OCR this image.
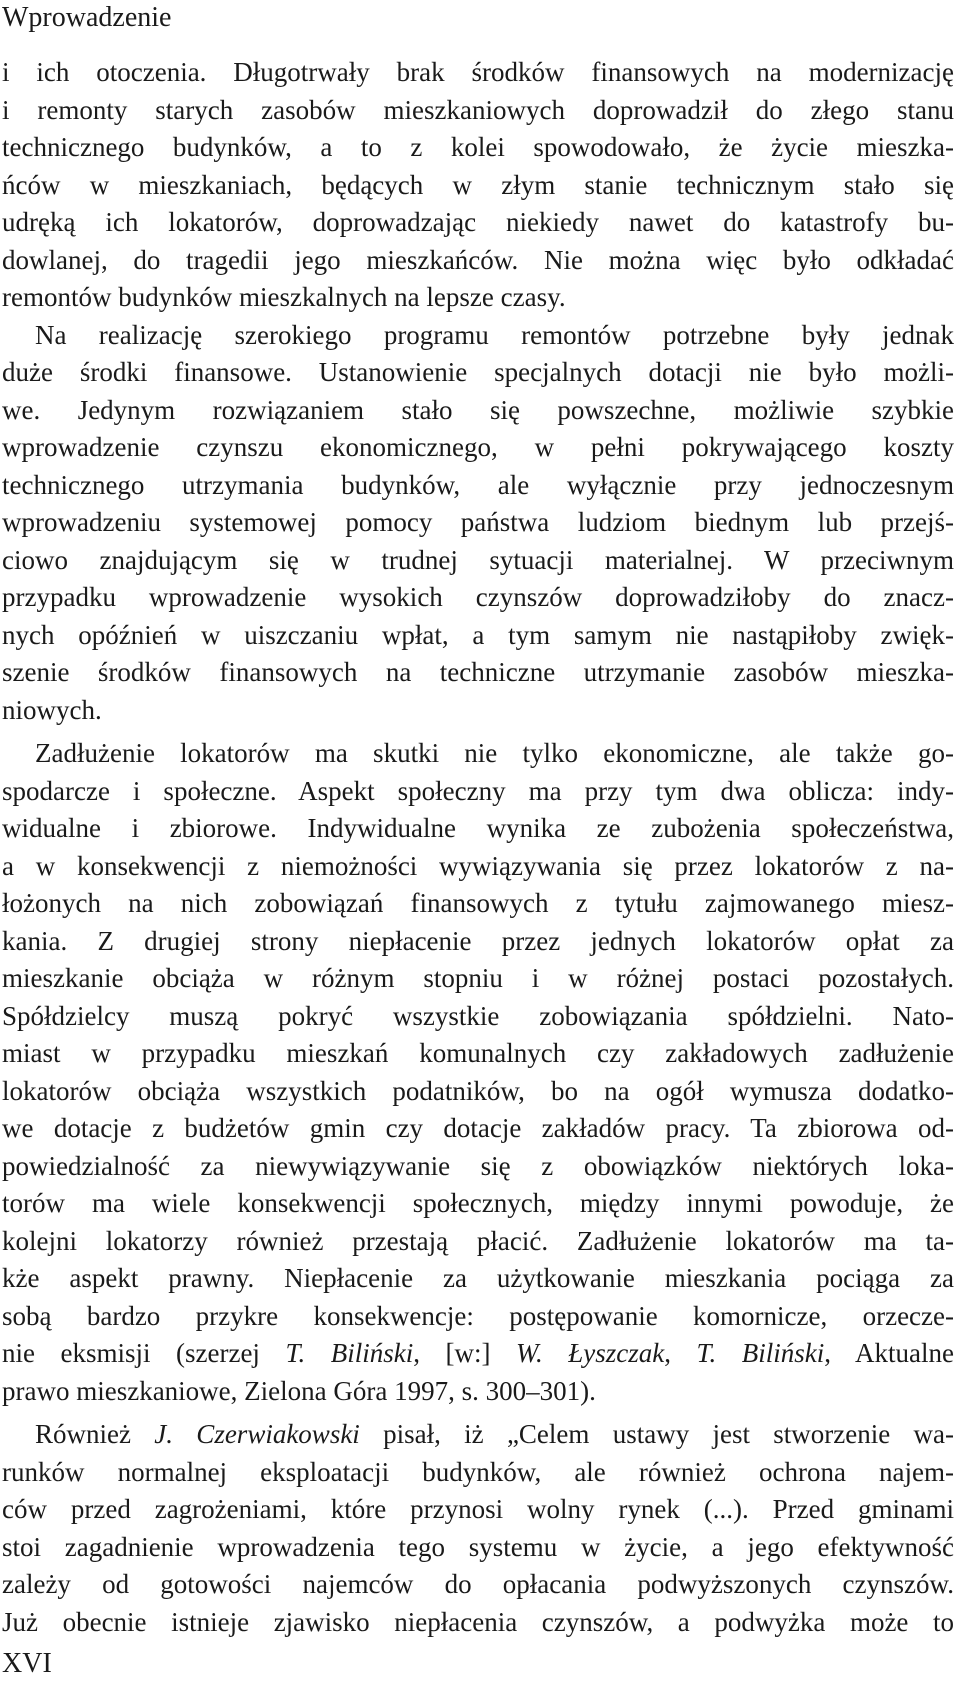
Wprowadzenie
i ich otoczenia. Długotrwały brak środków finansowych na modernizację
i remonty starych zasobów mieszkaniowych doprowadził do złego stanu
technicznego budynków, a to z kolei spowodowało, że życie mieszka-
ńców w mieszkaniach, będących w złym stanie technicznym stało się
udręką ich lokatorów, doprowadzając niekiedy nawet do katastrofy bu-
dowlanej, do tragedii jego mieszkańców. Nie można więc było odkładać
remontów budynków mieszkalnych na lepsze czasy.
Na realizację szerokiego programu remontów potrzebne były jednak
duże środki finansowe. Ustanowienie specjalnych dotacji nie było możli-
we. Jedynym rozwiązaniem stało się powszechne, możliwie szybkie
wprowadzenie czynszu ekonomicznego, w pełni pokrywającego koszty
technicznego utrzymania budynków, ale wyłącznie przy jednoczesnym
wprowadzeniu systemowej pomocy państwa ludziom biednym lub przejś-
ciowo znajdującym się w trudnej sytuacji materialnej. W przeciwnym
przypadku wprowadzenie wysokich czynszów doprowadziłoby do znacz-
nych opóźnień w uiszczaniu wpłat, a tym samym nie nastąpiłoby zwięk-
szenie środków finansowych na techniczne utrzymanie zasobów mieszka-
niowych.
Zadłużenie lokatorów ma skutki nie tylko ekonomiczne, ale także go-
spodarcze i społeczne. Aspekt społeczny ma przy tym dwa oblicza: indy-
widualne i zbiorowe. Indywidualne wynika ze zubożenia społeczeństwa,
a w konsekwencji z niemożności wywiązywania się przez lokatorów z na-
łożonych na nich zobowiązań finansowych z tytułu zajmowanego miesz-
kania. Z drugiej strony niepłacenie przez jednych lokatorów opłat za
mieszkanie obciąża w różnym stopniu i w różnej postaci pozostałych.
Spółdzielcy muszą pokryć wszystkie zobowiązania spółdzielni. Nato-
miast w przypadku mieszkań komunalnych czy zakładowych zadłużenie
lokatorów obciąża wszystkich podatników, bo na ogół wymusza dodatko-
we dotacje z budżetów gmin czy dotacje zakładów pracy. Ta zbiorowa od-
powiedzialność za niewywiązywanie się z obowiązków niektórych loka-
torów ma wiele konsekwencji społecznych, między innymi powoduje, że
kolejni lokatorzy również przestają płacić. Zadłużenie lokatorów ma ta-
kże aspekt prawny. Niepłacenie za użytkowanie mieszkania pociąga za
sobą bardzo przykre konsekwencje: postępowanie komornicze, orzecze-
nie eksmisji (szerzej T. Biliński, [w:] W. Łyszczak, T. Biliński, Aktualne
prawo mieszkaniowe, Zielona Góra 1997, s. 300–301).
Również J. Czerwiakowski pisał, iż „Celem ustawy jest stworzenie wa-
runków normalnej eksploatacji budynków, ale również ochrona najem-
ców przed zagrożeniami, które przynosi wolny rynek (...). Przed gminami
stoi zagadnienie wprowadzenia tego systemu w życie, a jego efektywność
zależy od gotowości najemców do opłacania podwyższonych czynszów.
Już obecnie istnieje zjawisko niepłacenia czynszów, a podwyżka może to
XVI
